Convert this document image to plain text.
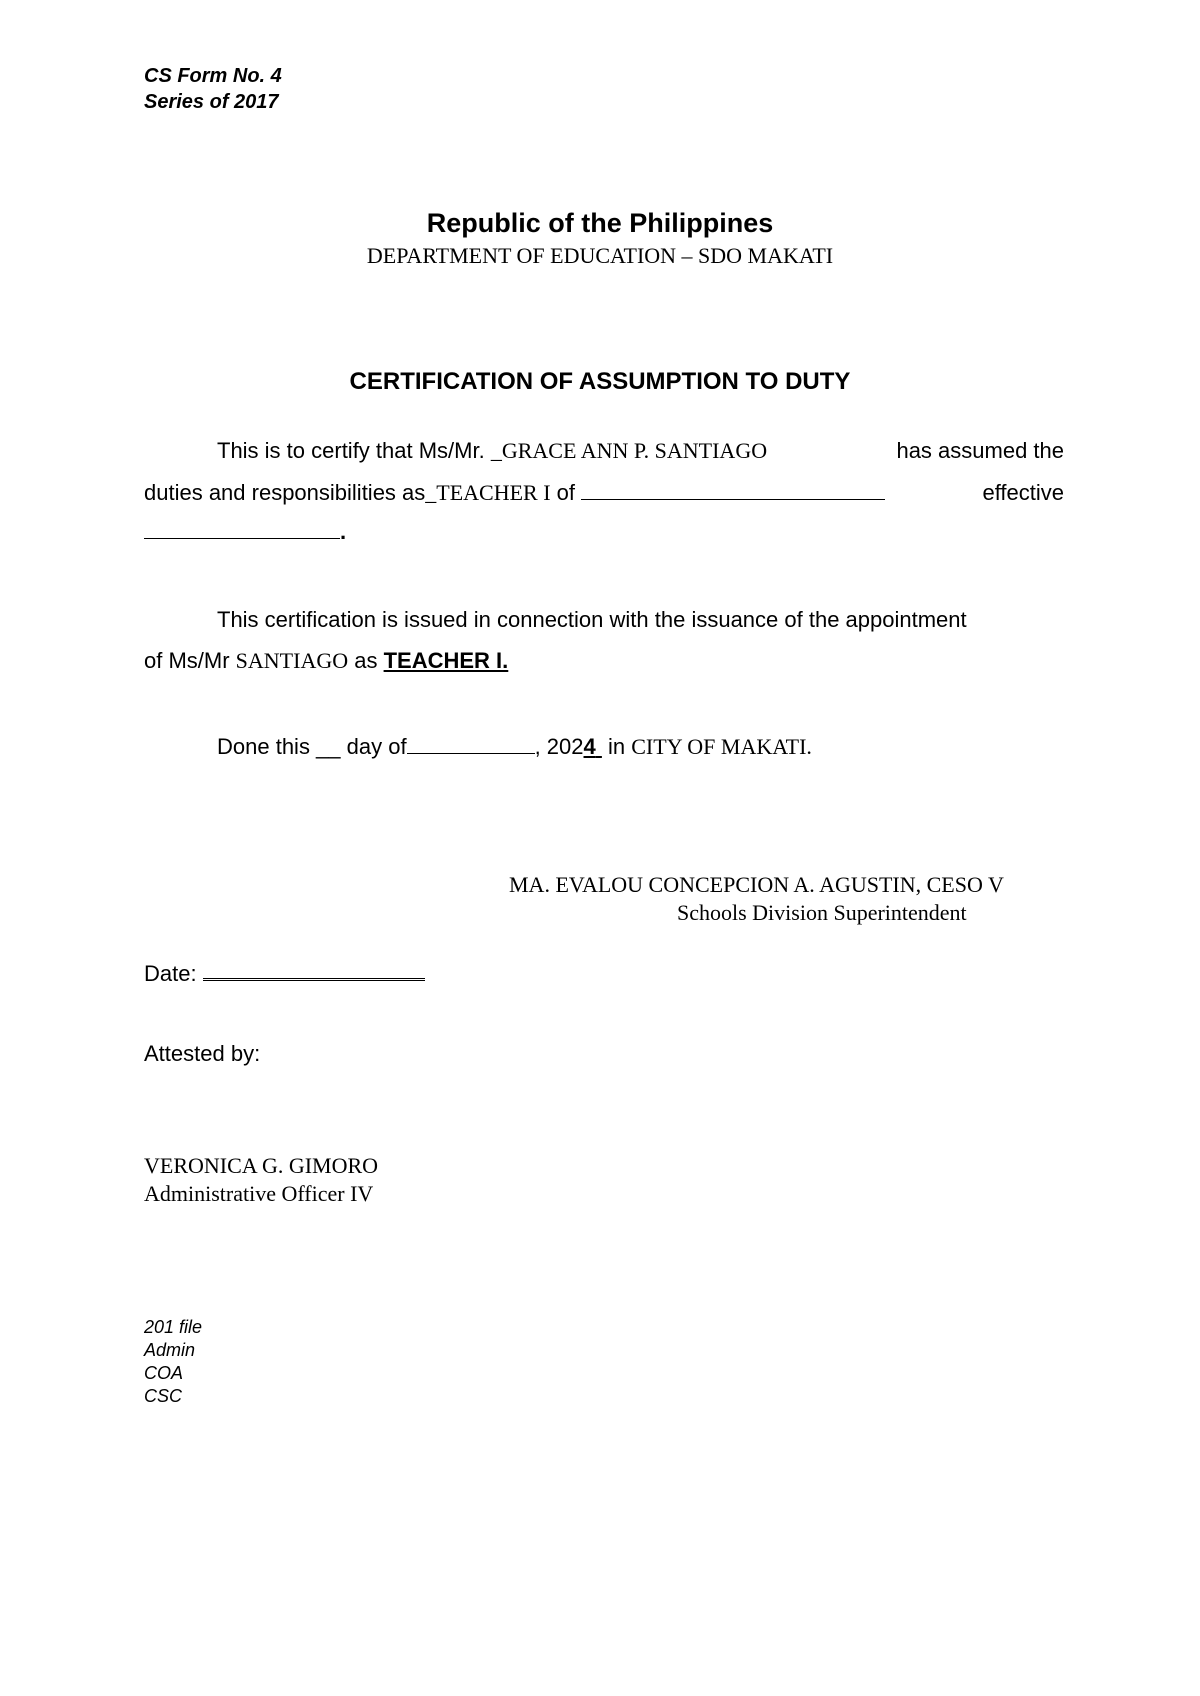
CS Form No. 4
Series of 2017
Republic of the Philippines
DEPARTMENT OF EDUCATION – SDO MAKATI
CERTIFICATION OF ASSUMPTION TO DUTY
This is to certify that Ms/Mr. _GRACE ANN P. SANTIAGO	has assumed the
duties and responsibilities as_TEACHER I of	effective
.
This certification is issued in connection with the issuance of the appointment
of Ms/Mr SANTIAGO as TEACHER I.
Done this __ day of	, 2024  in CITY OF MAKATI.
MA. EVALOU CONCEPCION A. AGUSTIN, CESO V
Schools Division Superintendent
Date:
Attested by:
VERONICA G. GIMORO
Administrative Officer IV
201 file
Admin
COA
CSC
